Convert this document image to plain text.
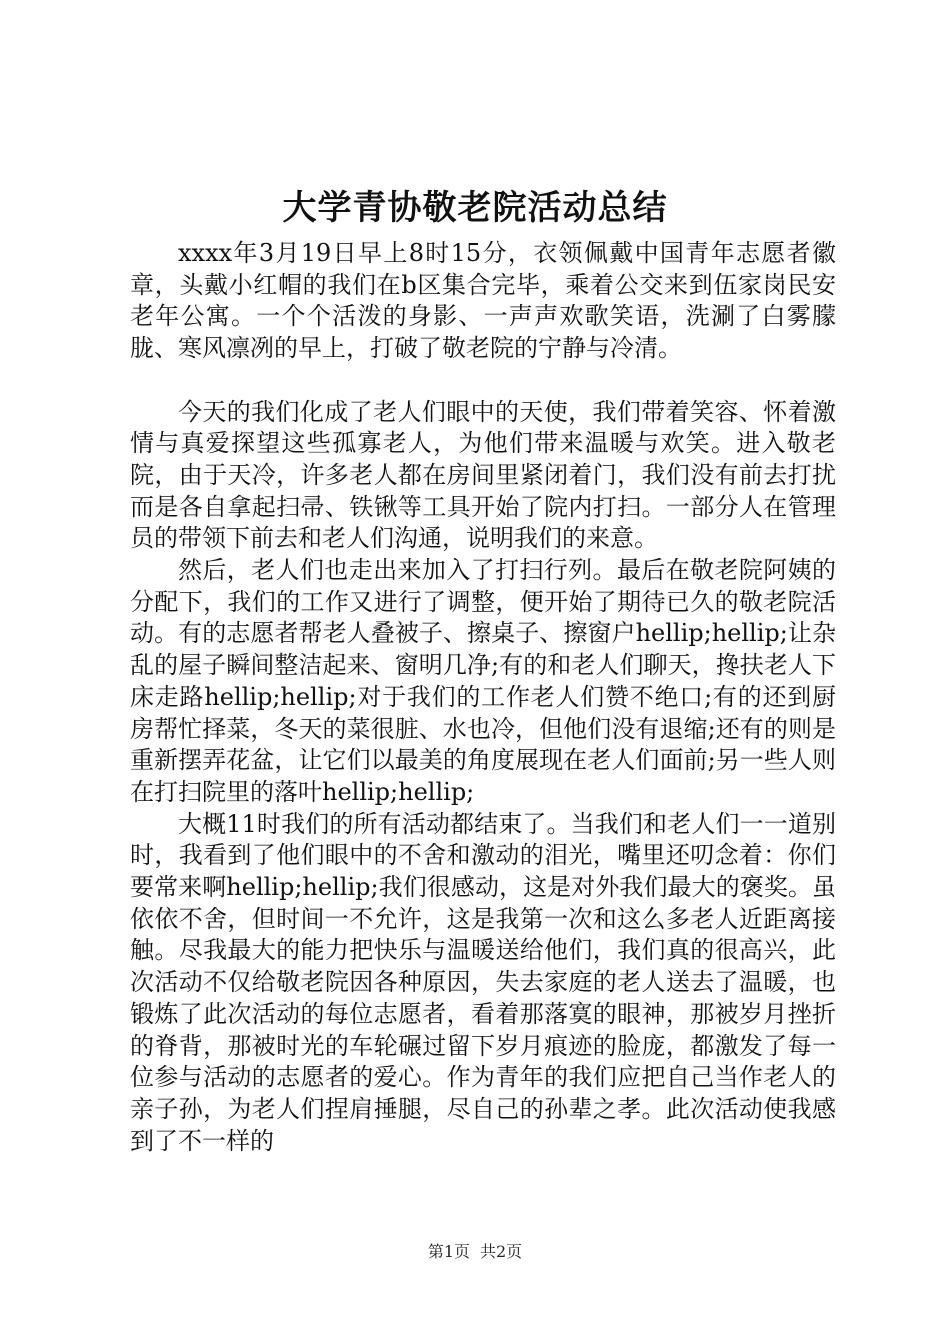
大学青协敬老院活动总结

xxxx年3月19日早上8时15分，衣领佩戴中国青年志愿者徽章，头戴小红帽的我们在b区集合完毕，乘着公交来到伍家岗民安老年公寓。一个个活泼的身影、一声声欢歌笑语，洗涮了白雾朦胧、寒风凛冽的早上，打破了敬老院的宁静与冷清。

今天的我们化成了老人们眼中的天使，我们带着笑容、怀着激情与真爱探望这些孤寡老人，为他们带来温暖与欢笑。进入敬老院，由于天冷，许多老人都在房间里紧闭着门，我们没有前去打扰而是各自拿起扫帚、铁锹等工具开始了院内打扫。一部分人在管理员的带领下前去和老人们沟通，说明我们的来意。

然后，老人们也走出来加入了打扫行列。最后在敬老院阿姨的分配下，我们的工作又进行了调整，便开始了期待已久的敬老院活动。有的志愿者帮老人叠被子、擦桌子、擦窗户hellip;hellip;让杂乱的屋子瞬间整洁起来、窗明几净;有的和老人们聊天，搀扶老人下床走路hellip;hellip;对于我们的工作老人们赞不绝口;有的还到厨房帮忙择菜，冬天的菜很脏、水也冷，但他们没有退缩;还有的则是重新摆弄花盆，让它们以最美的角度展现在老人们面前;另一些人则在打扫院里的落叶hellip;hellip;

大概11时我们的所有活动都结束了。当我们和老人们一一道别时，我看到了他们眼中的不舍和激动的泪光，嘴里还叨念着：你们要常来啊hellip;hellip;我们很感动，这是对外我们最大的褒奖。虽依依不舍，但时间一不允许，这是我第一次和这么多老人近距离接触。尽我最大的能力把快乐与温暖送给他们，我们真的很高兴，此次活动不仅给敬老院因各种原因，失去家庭的老人送去了温暖，也锻炼了此次活动的每位志愿者，看着那落寞的眼神，那被岁月挫折的脊背，那被时光的车轮碾过留下岁月痕迹的脸庞，都激发了每一位参与活动的志愿者的爱心。作为青年的我们应把自己当作老人的亲子孙，为老人们捏肩捶腿，尽自己的孙辈之孝。此次活动使我感到了不一样的

第1页 共2页
